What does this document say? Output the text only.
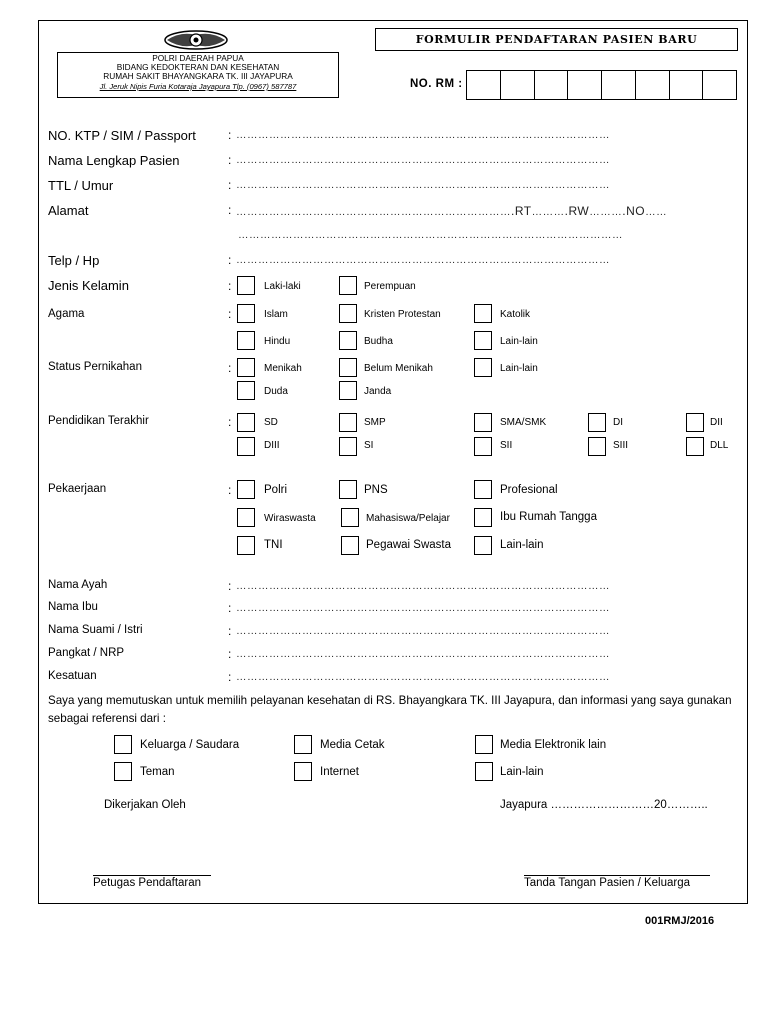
POLRI DAERAH PAPUA
BIDANG KEDOKTERAN DAN KESEHATAN
RUMAH SAKIT BHAYANGKARA TK. III JAYAPURA
Jl. Jeruk Nipis Furia Kotaraja Jayapura Tlp. (0967) 587787
FORMULIR PENDAFTARAN PASIEN BARU
NO. RM :
NO. KTP / SIM / Passport	: …………………………………………………………………………………………
Nama Lengkap Pasien	: …………………………………………………………………………………………
TTL / Umur	: …………………………………………………………………………………………
Alamat	: ………………………………………………………………….RT……….RW……….NO……
……………………………………………………………………………………………
Telp / Hp	: …………………………………………………………………………………………
Jenis Kelamin	:	Laki-laki	Perempuan
Agama	:	Islam	Kristen Protestan	Katolik
Hindu	Budha	Lain-lain
Status Pernikahan	:	Menikah	Belum Menikah	Lain-lain
Duda	Janda
Pendidikan Terakhir	:	SD	SMP	SMA/SMK	DI	DII
DIII	SI	SII	SIII	DLL
Pekaerjaan	:	Polri	PNS	Profesional
Wiraswasta	Mahasiswa/Pelajar	Ibu Rumah Tangga
TNI	Pegawai Swasta	Lain-lain
Nama Ayah	: …………………………………………………………………………………………
Nama Ibu	: …………………………………………………………………………………………
Nama Suami / Istri	: …………………………………………………………………………………………
Pangkat / NRP	: …………………………………………………………………………………………
Kesatuan	: …………………………………………………………………………………………
Saya yang memutuskan untuk memilih pelayanan kesehatan di RS. Bhayangkara TK. III Jayapura, dan informasi yang saya gunakan sebagai referensi dari :
Keluarga / Saudara	Media Cetak	Media Elektronik lain
Teman	Internet	Lain-lain
Dikerjakan Oleh	Jayapura ………………………20………..
Petugas Pendaftaran	Tanda Tangan Pasien / Keluarga
001RMJ/2016
